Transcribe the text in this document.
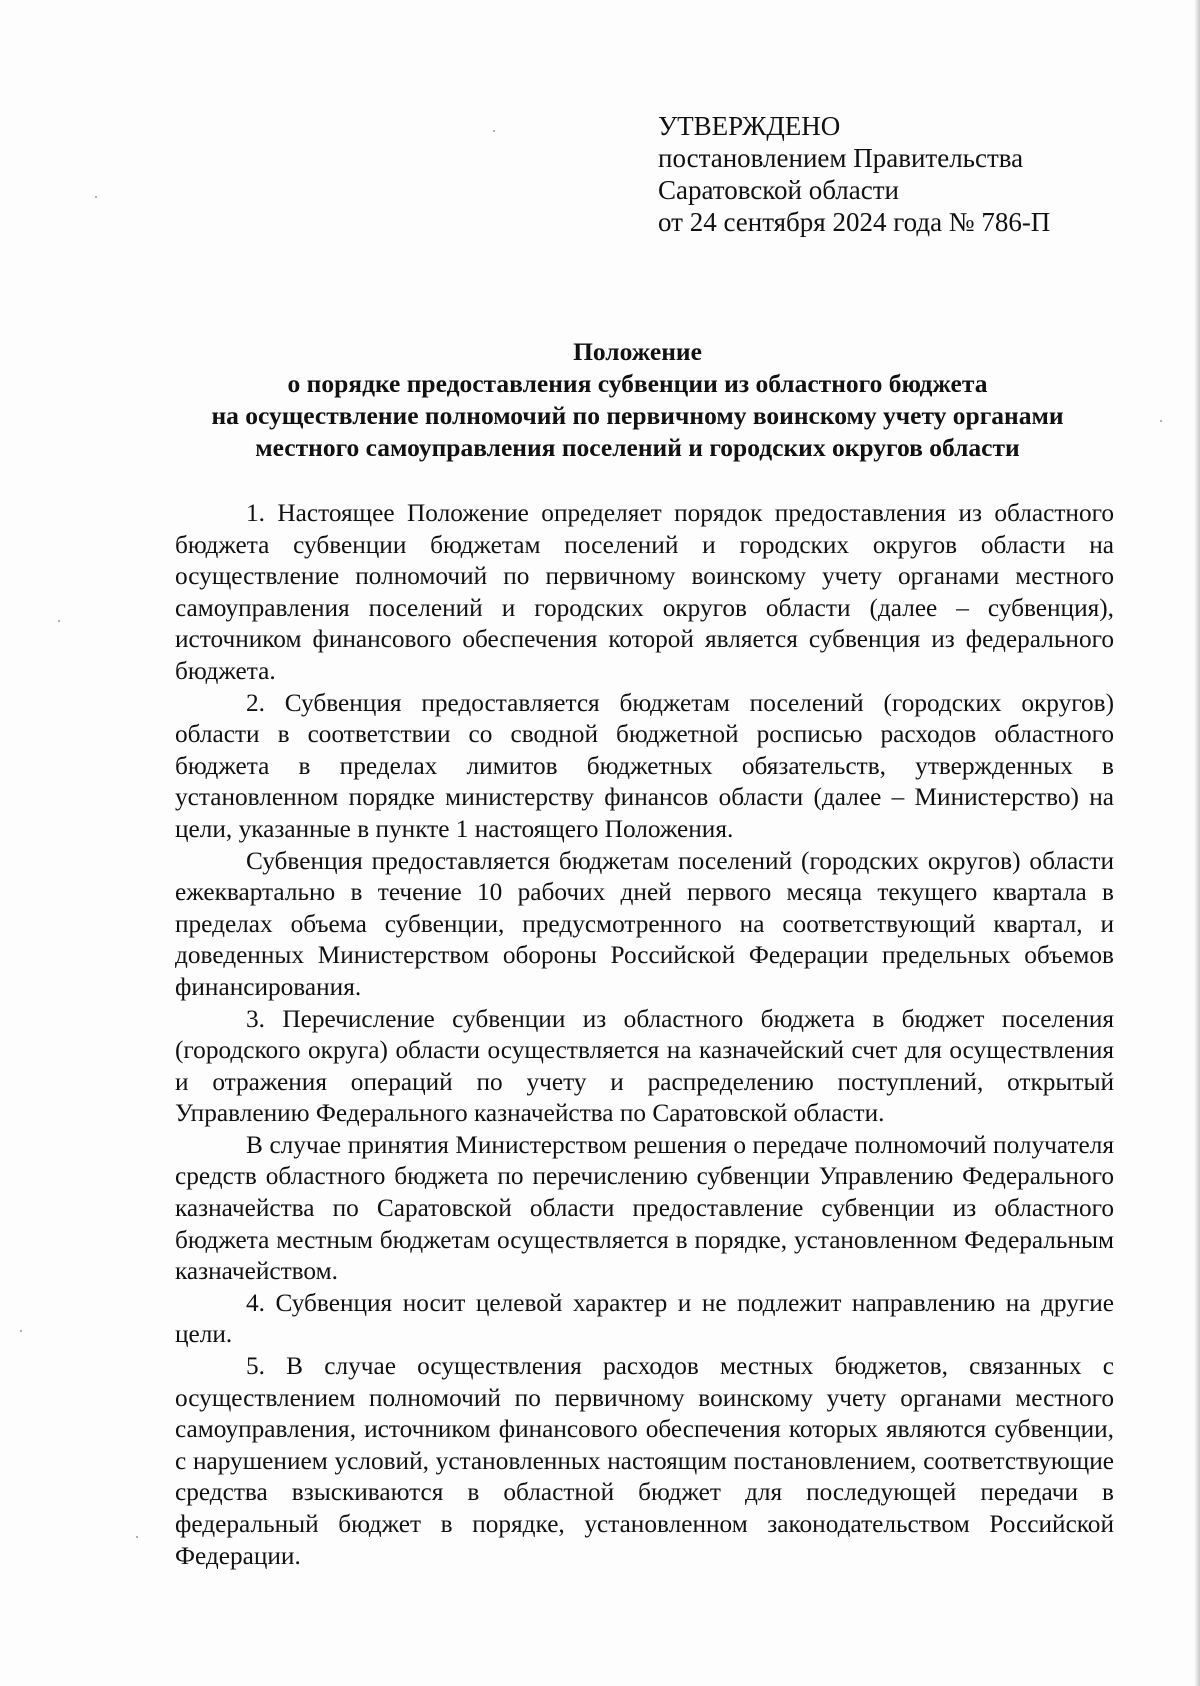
УТВЕРЖДЕНО
постановлением Правительства
Саратовской области
от 24 сентября 2024 года № 786-П
Положение
о порядке предоставления субвенции из областного бюджета
на осуществление полномочий по первичному воинскому учету органами
местного самоуправления поселений и городских округов области

1. Настоящее Положение определяет порядок предоставления из областного бюджета субвенции бюджетам поселений и городских округов области на осуществление полномочий по первичному воинскому учету органами местного самоуправления поселений и городских округов области (далее – субвенция), источником финансового обеспечения которой является субвенция из федерального бюджета.

2. Субвенция предоставляется бюджетам поселений (городских округов) области в соответствии со сводной бюджетной росписью расходов областного бюджета в пределах лимитов бюджетных обязательств, утвержденных в установленном порядке министерству финансов области (далее – Министерство) на цели, указанные в пункте 1 настоящего Положения.

Субвенция предоставляется бюджетам поселений (городских округов) области ежеквартально в течение 10 рабочих дней первого месяца текущего квартала в пределах объема субвенции, предусмотренного на соответствующий квартал, и доведенных Министерством обороны Российской Федерации предельных объемов финансирования.

3. Перечисление субвенции из областного бюджета в бюджет поселения (городского округа) области осуществляется на казначейский счет для осуществления и отражения операций по учету и распределению поступлений, открытый Управлению Федерального казначейства по Саратовской области.

В случае принятия Министерством решения о передаче полномочий получателя средств областного бюджета по перечислению субвенции Управлению Федерального казначейства по Саратовской области предоставление субвенции из областного бюджета местным бюджетам осуществляется в порядке, установленном Федеральным казначейством.

4. Субвенция носит целевой характер и не подлежит направлению на другие цели.

5. В случае осуществления расходов местных бюджетов, связанных с осуществлением полномочий по первичному воинскому учету органами местного самоуправления, источником финансового обеспечения которых являются субвенции, с нарушением условий, установленных настоящим постановлением, соответствующие средства взыскиваются в областной бюджет для последующей передачи в федеральный бюджет в порядке, установленном законодательством Российской Федерации.
